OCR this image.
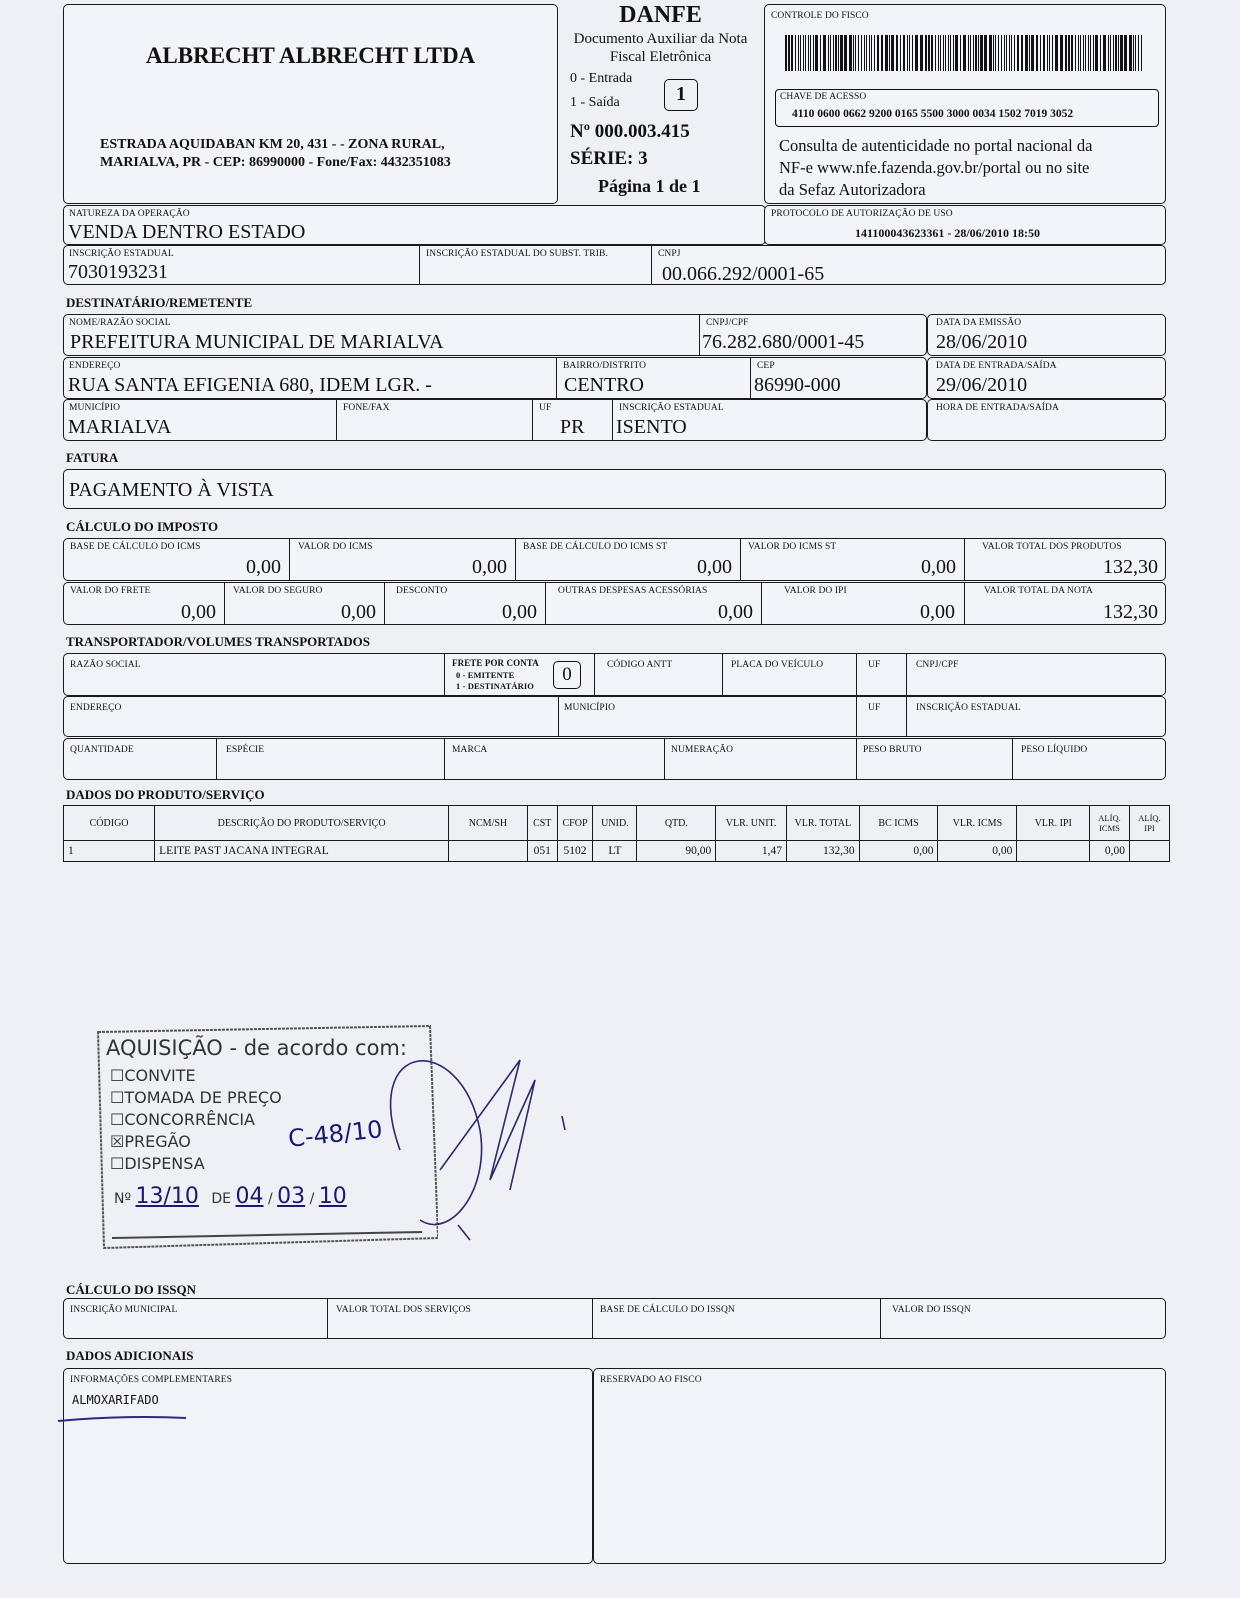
ALBRECHT ALBRECHT LTDA
ESTRADA AQUIDABAN KM 20, 431 - - ZONA RURAL,
MARIALVA, PR - CEP: 86990000 - Fone/Fax: 4432351083
DANFE
Documento Auxiliar da Nota
Fiscal Eletrônica
0 - Entrada
1 - Saída	1
Nº 000.003.415
SÉRIE: 3
Página 1 de 1
CONTROLE DO FISCO
CHAVE DE ACESSO
4110 0600 0662 9200 0165 5500 3000 0034 1502 7019 3052
Consulta de autenticidade no portal nacional da
NF-e www.nfe.fazenda.gov.br/portal ou no site
da Sefaz Autorizadora
NATUREZA DA OPERAÇÃO
VENDA DENTRO ESTADO
PROTOCOLO DE AUTORIZAÇÃO DE USO
141100043623361 - 28/06/2010 18:50
INSCRIÇÃO ESTADUAL
7030193231
INSCRIÇÃO ESTADUAL DO SUBST. TRIB.	CNPJ
00.066.292/0001-65
DESTINATÁRIO/REMETENTE
NOME/RAZÃO SOCIAL
PREFEITURA MUNICIPAL DE MARIALVA
CNPJ/CPF
76.282.680/0001-45
DATA DA EMISSÃO
28/06/2010
ENDEREÇO
RUA SANTA EFIGENIA 680, IDEM LGR. -
BAIRRO/DISTRITO
CENTRO
CEP
86990-000
DATA DE ENTRADA/SAÍDA
29/06/2010
MUNICÍPIO
MARIALVA
FONE/FAX	UF
PR
INSCRIÇÃO ESTADUAL
ISENTO
HORA DE ENTRADA/SAÍDA
FATURA
PAGAMENTO À VISTA
CÁLCULO DO IMPOSTO
BASE DE CÁLCULO DO ICMS
0,00
VALOR DO ICMS
0,00
BASE DE CÁLCULO DO ICMS ST
0,00
VALOR DO ICMS ST
0,00
VALOR TOTAL DOS PRODUTOS
132,30
VALOR DO FRETE
0,00
VALOR DO SEGURO
0,00
DESCONTO
0,00
OUTRAS DESPESAS ACESSÓRIAS
0,00
VALOR DO IPI
0,00
VALOR TOTAL DA NOTA
132,30
TRANSPORTADOR/VOLUMES TRANSPORTADOS
RAZÃO SOCIAL	FRETE POR CONTA
0 - EMITENTE
1 - DESTINATÁRIO
0	CÓDIGO ANTT	PLACA DO VEÍCULO	UF	CNPJ/CPF
ENDEREÇO	MUNICÍPIO	UF	INSCRIÇÃO ESTADUAL
QUANTIDADE	ESPÉCIE	MARCA	NUMERAÇÃO	PESO BRUTO	PESO LÍQUIDO
DADOS DO PRODUTO/SERVIÇO
CÓDIGO	DESCRIÇÃO DO PRODUTO/SERVIÇO	NCM/SH	CST	CFOP	UNID.	QTD.	VLR. UNIT.	VLR. TOTAL	BC ICMS	VLR. ICMS	VLR. IPI	ALÍQ. ICMS	ALÍQ. IPI
1	LEITE PAST JACANA INTEGRAL		051	5102	LT	90,00	1,47	132,30	0,00	0,00		0,00	
AQUISIÇÃO - de acordo com:
☐CONVITE
☐TOMADA DE PREÇO
☐CONCORRÊNCIA
☒PREGÃO
☐DISPENSA
C-48/10
Nº 13/10 DE 04 / 03 / 10
CÁLCULO DO ISSQN
INSCRIÇÃO MUNICIPAL	VALOR TOTAL DOS SERVIÇOS	BASE DE CÁLCULO DO ISSQN	VALOR DO ISSQN
DADOS ADICIONAIS
INFORMAÇÕES COMPLEMENTARES
ALMOXARIFADO
RESERVADO AO FISCO
